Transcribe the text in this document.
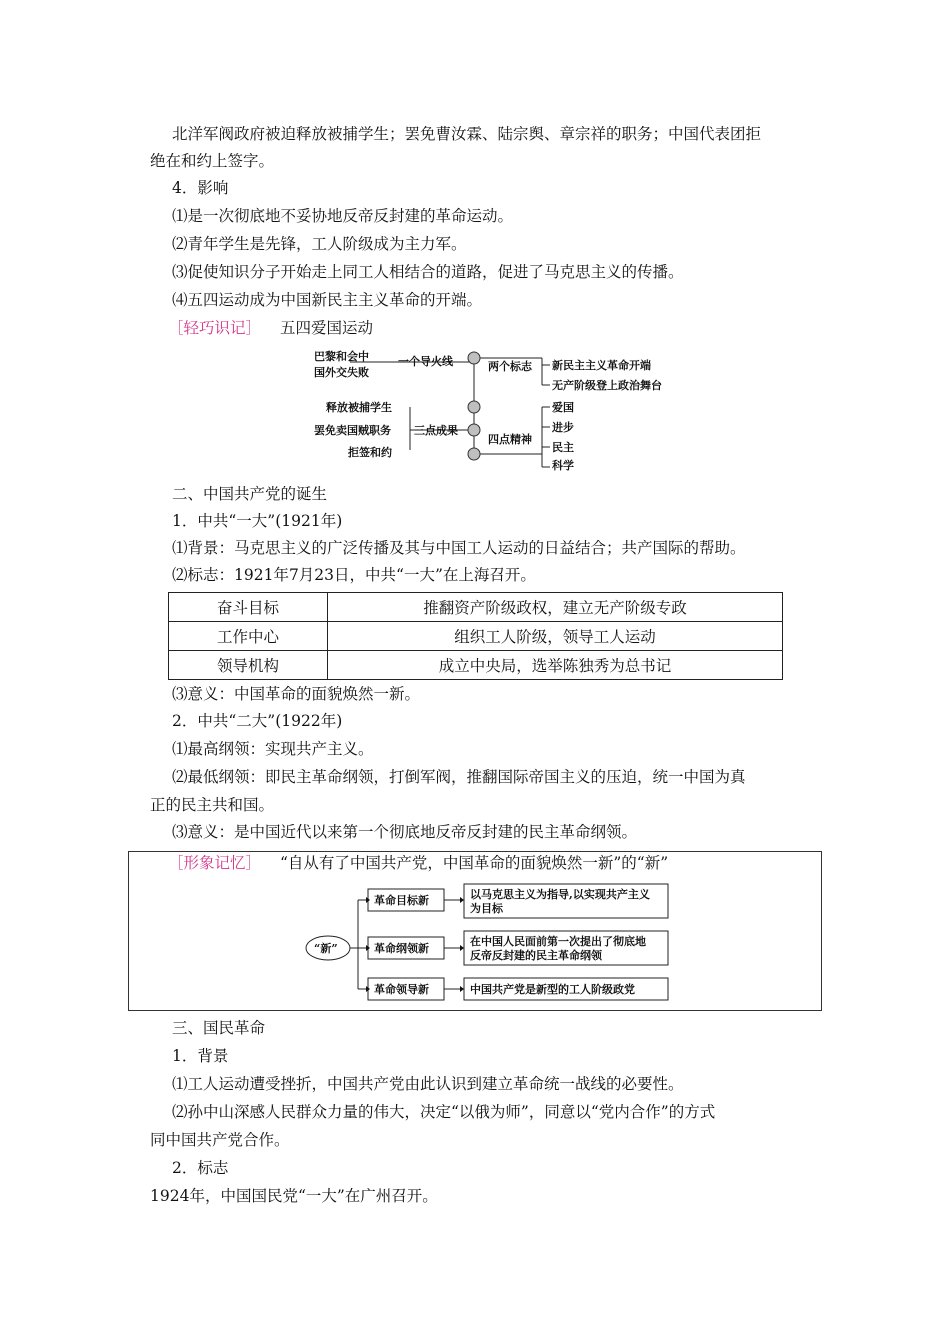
北洋军阀政府被迫释放被捕学生；罢免曹汝霖、陆宗舆、章宗祥的职务；中国代表团拒
绝在和约上签字。
4．影响
⑴是一次彻底地不妥协地反帝反封建的革命运动。
⑵青年学生是先锋，工人阶级成为主力军。
⑶促使知识分子开始走上同工人相结合的道路，促进了马克思主义的传播。
⑷五四运动成为中国新民主主义革命的开端。
［轻巧识记］ 五四爱国运动
巴黎和会中
国外交失败
一个导火线	两个标志 新民主主义革命开端
无产阶级登上政治舞台
释放被捕学生
罢免卖国贼职务
拒签和约
三点成果
四点精神
爱国
进步
民主
科学
二、中国共产党的诞生
1．中共“一大”(1921年)
⑴背景：马克思主义的广泛传播及其与中国工人运动的日益结合；共产国际的帮助。
⑵标志：1921年7月23日，中共“一大”在上海召开。
奋斗目标	推翻资产阶级政权，建立无产阶级专政
工作中心	组织工人阶级，领导工人运动
领导机构	成立中央局，选举陈独秀为总书记
⑶意义：中国革命的面貌焕然一新。
2．中共“二大”(1922年)
⑴最高纲领：实现共产主义。
⑵最低纲领：即民主革命纲领，打倒军阀，推翻国际帝国主义的压迫，统一中国为真
正的民主共和国。
⑶意义：是中国近代以来第一个彻底地反帝反封建的民主革命纲领。
［形象记忆］ “自从有了中国共产党，中国革命的面貌焕然一新”的“新”
“新”
革命目标新
革命纲领新
革命领导新
以马克思主义为指导,以实现共产主义
为目标
在中国人民面前第一次提出了彻底地
反帝反封建的民主革命纲领
中国共产党是新型的工人阶级政党
三、国民革命
1．背景
⑴工人运动遭受挫折，中国共产党由此认识到建立革命统一战线的必要性。
⑵孙中山深感人民群众力量的伟大，决定“以俄为师”，同意以“党内合作”的方式
同中国共产党合作。
2．标志
1924年，中国国民党“一大”在广州召开。
